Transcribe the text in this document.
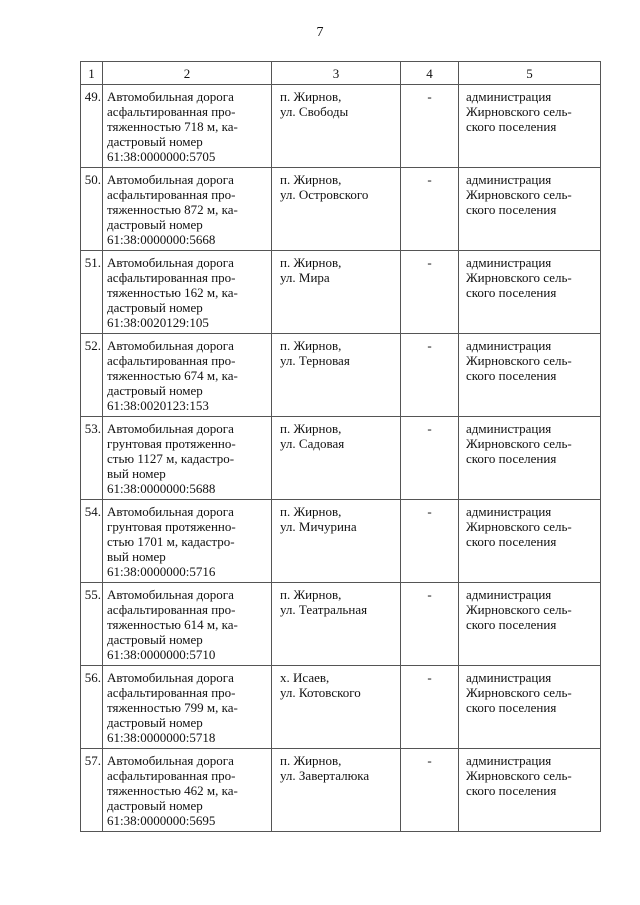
7
1	2	3	4	5
49.	Автомобильная дорога
асфальтированная про-
тяженностью 718 м, ка-
дастровый номер
61:38:0000000:5705	п. Жирнов,
ул. Свободы	-	администрация
Жирновского сель-
ского поселения

50.	Автомобильная дорога
асфальтированная про-
тяженностью 872 м, ка-
дастровый номер
61:38:0000000:5668	п. Жирнов,
ул. Островского	-	администрация
Жирновского сель-
ского поселения

51.	Автомобильная дорога
асфальтированная про-
тяженностью 162 м, ка-
дастровый номер
61:38:0020129:105	п. Жирнов,
ул. Мира	-	администрация
Жирновского сель-
ского поселения

52.	Автомобильная дорога
асфальтированная про-
тяженностью 674 м, ка-
дастровый номер
61:38:0020123:153	п. Жирнов,
ул. Терновая	-	администрация
Жирновского сель-
ского поселения

53.	Автомобильная дорога
грунтовая протяженно-
стью 1127 м, кадастро-
вый номер
61:38:0000000:5688	п. Жирнов,
ул. Садовая	-	администрация
Жирновского сель-
ского поселения

54.	Автомобильная дорога
грунтовая протяженно-
стью 1701 м, кадастро-
вый номер
61:38:0000000:5716	п. Жирнов,
ул. Мичурина	-	администрация
Жирновского сель-
ского поселения

55.	Автомобильная дорога
асфальтированная про-
тяженностью 614 м, ка-
дастровый номер
61:38:0000000:5710	п. Жирнов,
ул. Театральная	-	администрация
Жирновского сель-
ского поселения

56.	Автомобильная дорога
асфальтированная про-
тяженностью 799 м, ка-
дастровый номер
61:38:0000000:5718	х. Исаев,
ул. Котовского	-	администрация
Жирновского сель-
ского поселения

57.	Автомобильная дорога
асфальтированная про-
тяженностью 462 м, ка-
дастровый номер
61:38:0000000:5695	п. Жирнов,
ул. Заверталюка	-	администрация
Жирновского сель-
ского поселения
